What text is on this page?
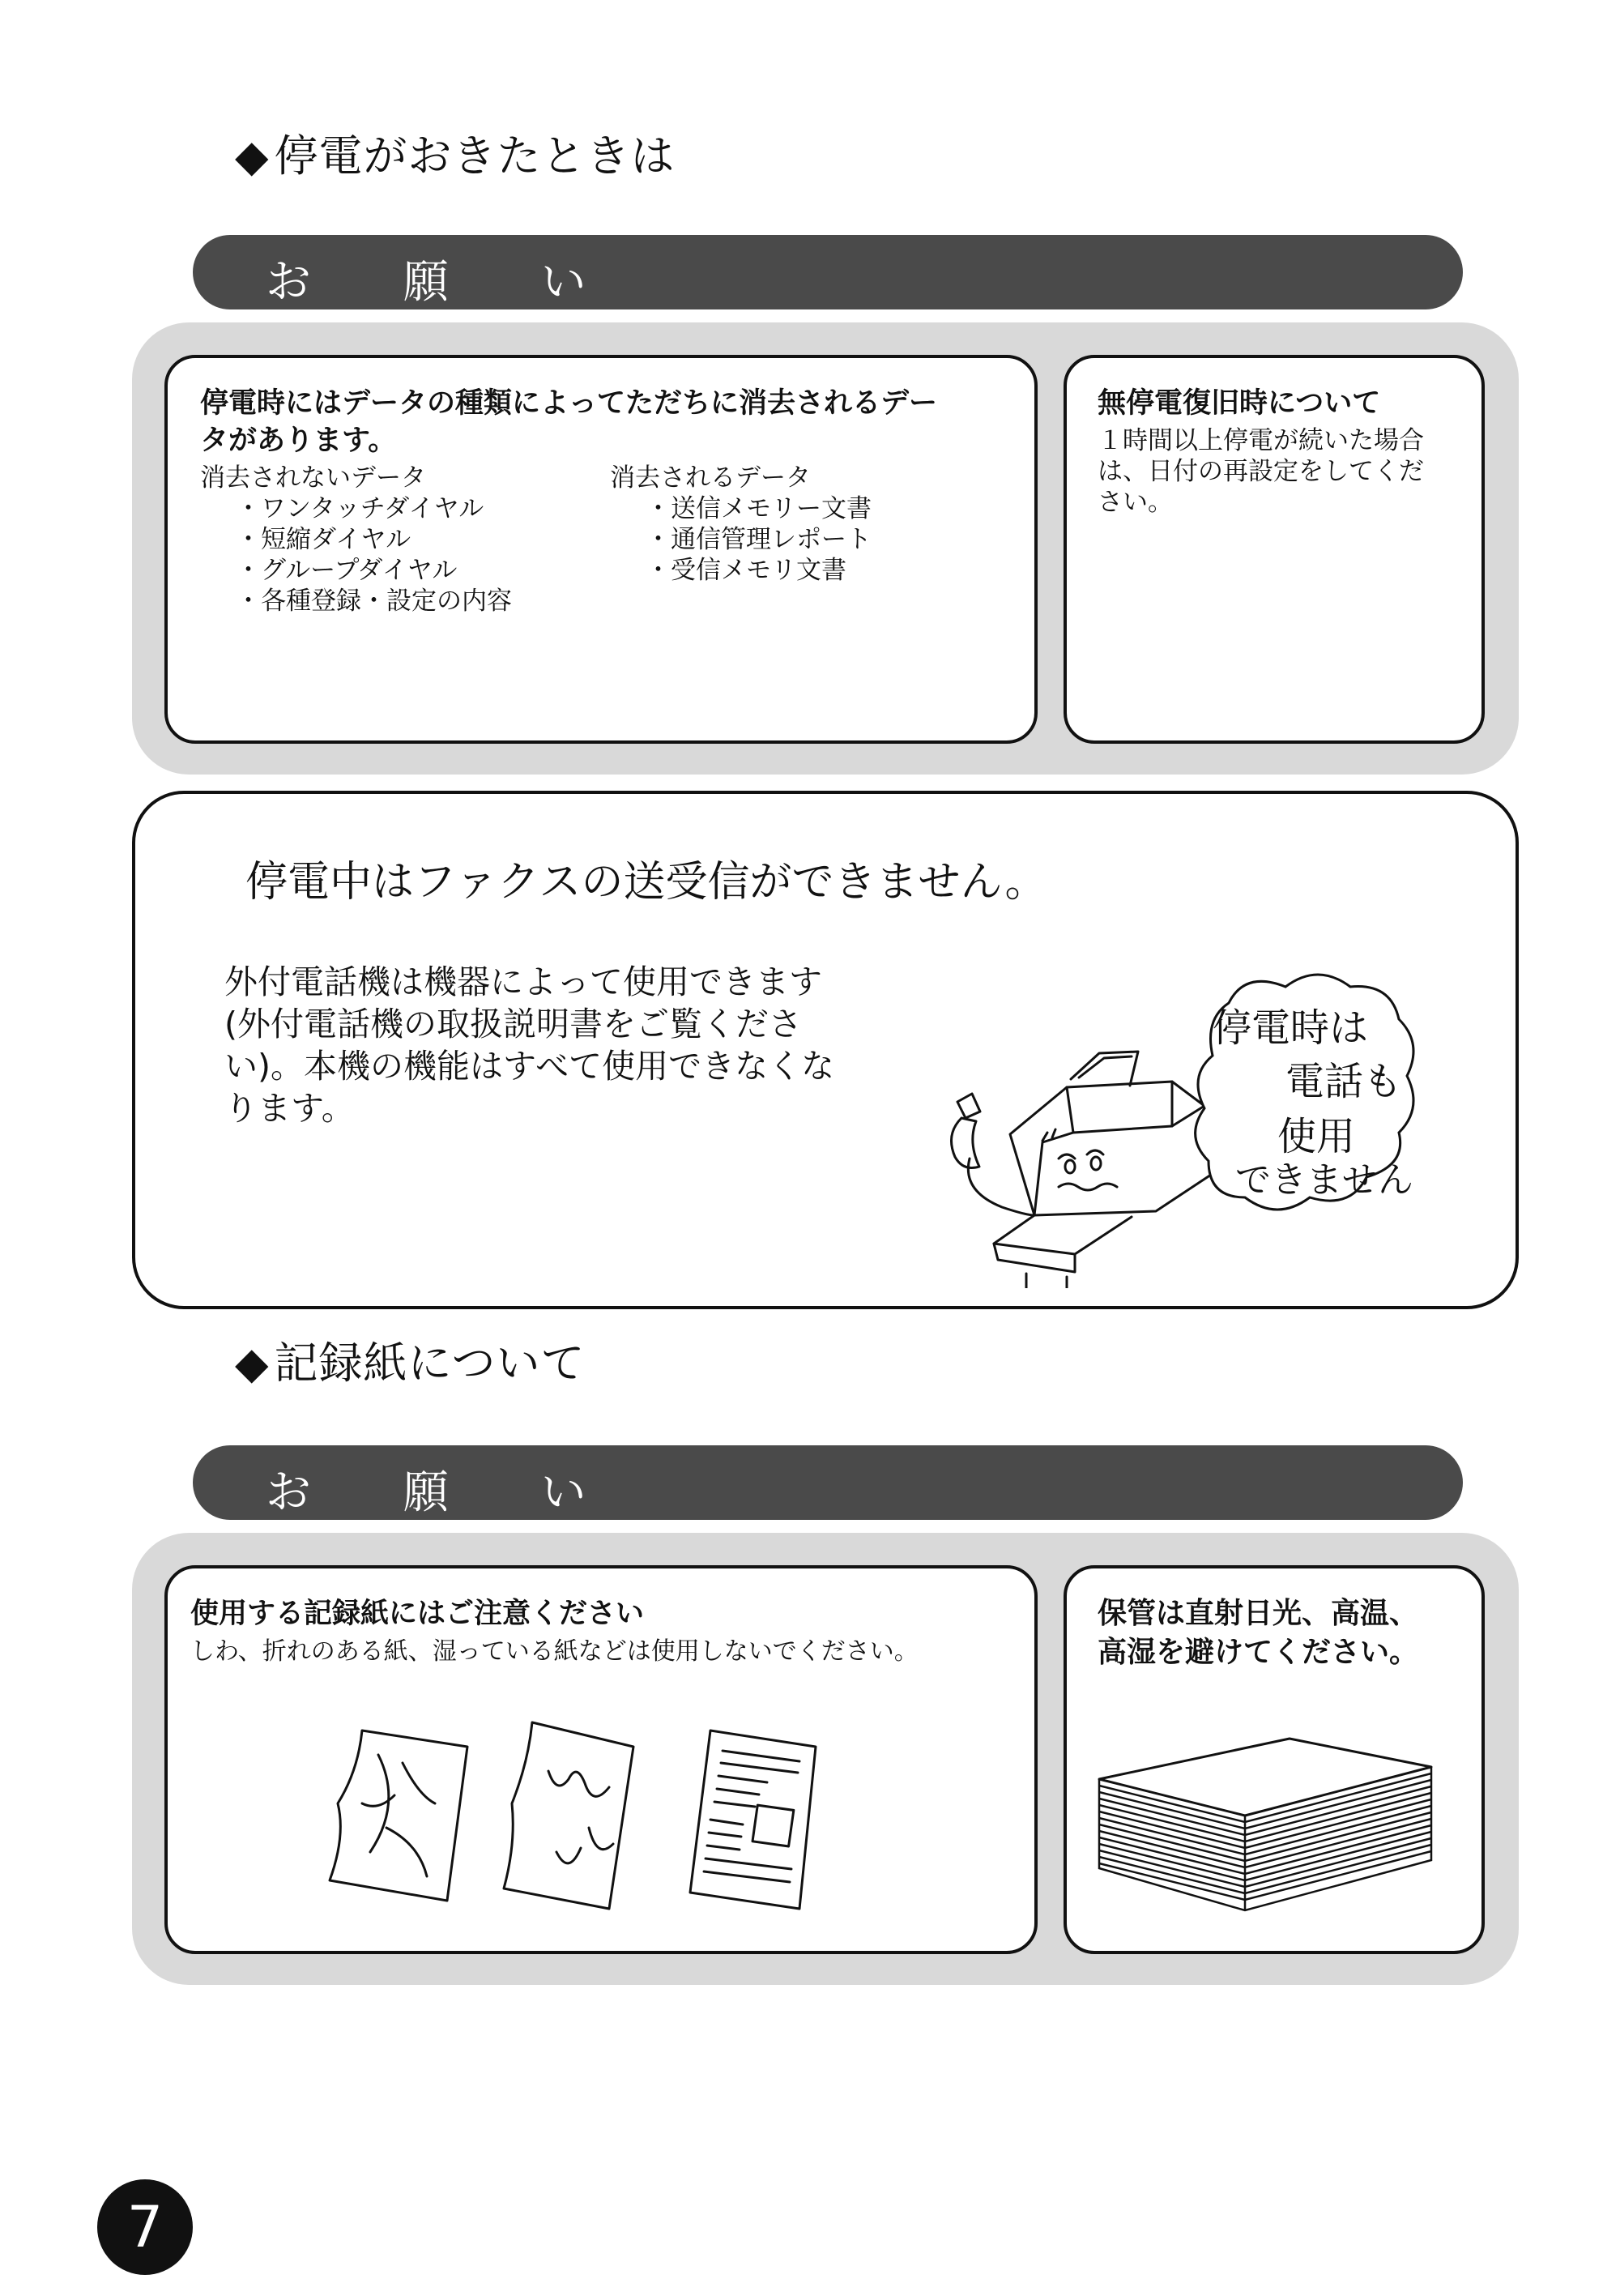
◆ 停電がおきたときは
お 願 い
停電時にはデータの種類によってただちに消去されるデー
タがあります。
消去されないデータ
・ワンタッチダイヤル
・短縮ダイヤル
・グループダイヤル
・各種登録・設定の内容
消去されるデータ
・送信メモリー文書
・通信管理レポート
・受信メモリ文書
無停電復旧時について
１時間以上停電が続いた場合
は、日付の再設定をしてくだ
さい。
停電中はファクスの送受信ができません。
外付電話機は機器によって使用できます
(外付電話機の取扱説明書をご覧くださ
い)。本機の機能はすべて使用できなくな
ります。
停電時は
電話も
使用
できません
◆ 記録紙について
お 願 い
使用する記録紙にはご注意ください
しわ、折れのある紙、湿っている紙などは使用しないでください。
保管は直射日光、高温、
高湿を避けてください。
7
